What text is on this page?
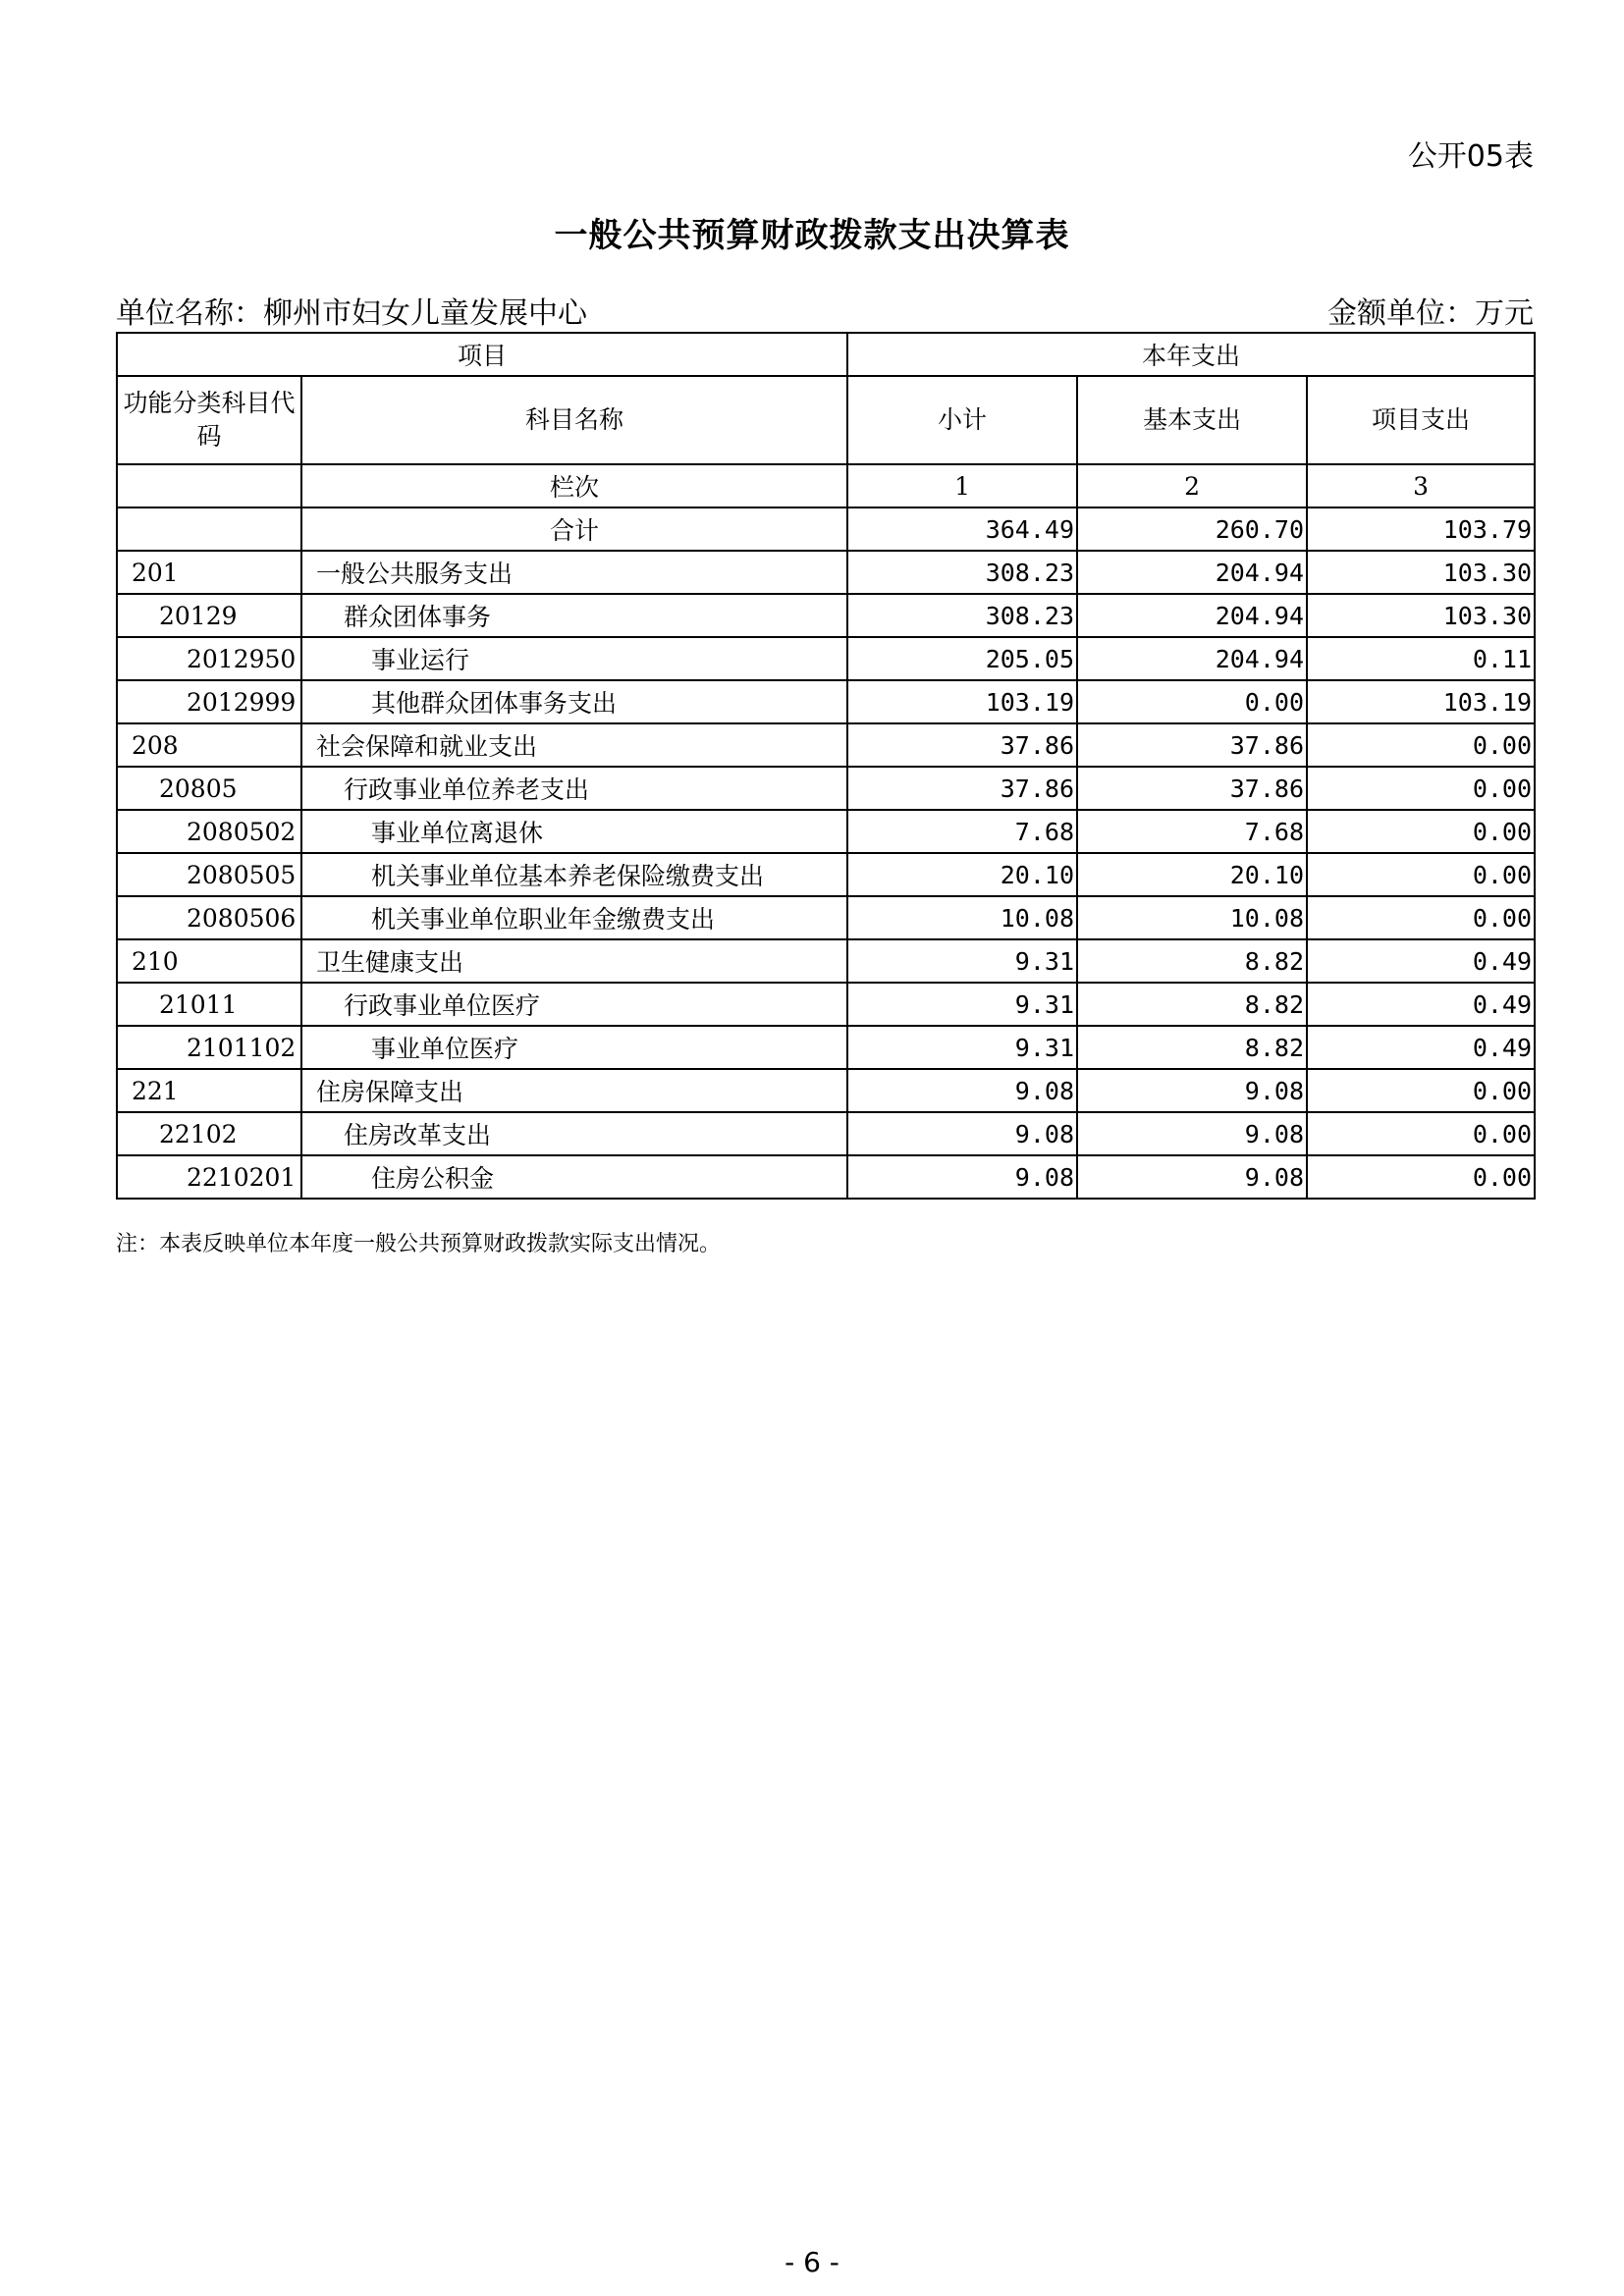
公开05表
一般公共预算财政拨款支出决算表
单位名称：柳州市妇女儿童发展中心	金额单位：万元
项目		本年支出		
功能分类科目代码	科目名称	小计	基本支出	项目支出
	栏次	1	2	3
	合计	364.49	260.70	103.79
201	一般公共服务支出	308.23	204.94	103.30
20129	群众团体事务	308.23	204.94	103.30
2012950	事业运行	205.05	204.94	0.11
2012999	其他群众团体事务支出	103.19	0.00	103.19
208	社会保障和就业支出	37.86	37.86	0.00
20805	行政事业单位养老支出	37.86	37.86	0.00
2080502	事业单位离退休	7.68	7.68	0.00
2080505	机关事业单位基本养老保险缴费支出	20.10	20.10	0.00
2080506	机关事业单位职业年金缴费支出	10.08	10.08	0.00
210	卫生健康支出	9.31	8.82	0.49
21011	行政事业单位医疗	9.31	8.82	0.49
2101102	事业单位医疗	9.31	8.82	0.49
221	住房保障支出	9.08	9.08	0.00
22102	住房改革支出	9.08	9.08	0.00
2210201	住房公积金	9.08	9.08	0.00
注：本表反映单位本年度一般公共预算财政拨款实际支出情况。
- 6 -
